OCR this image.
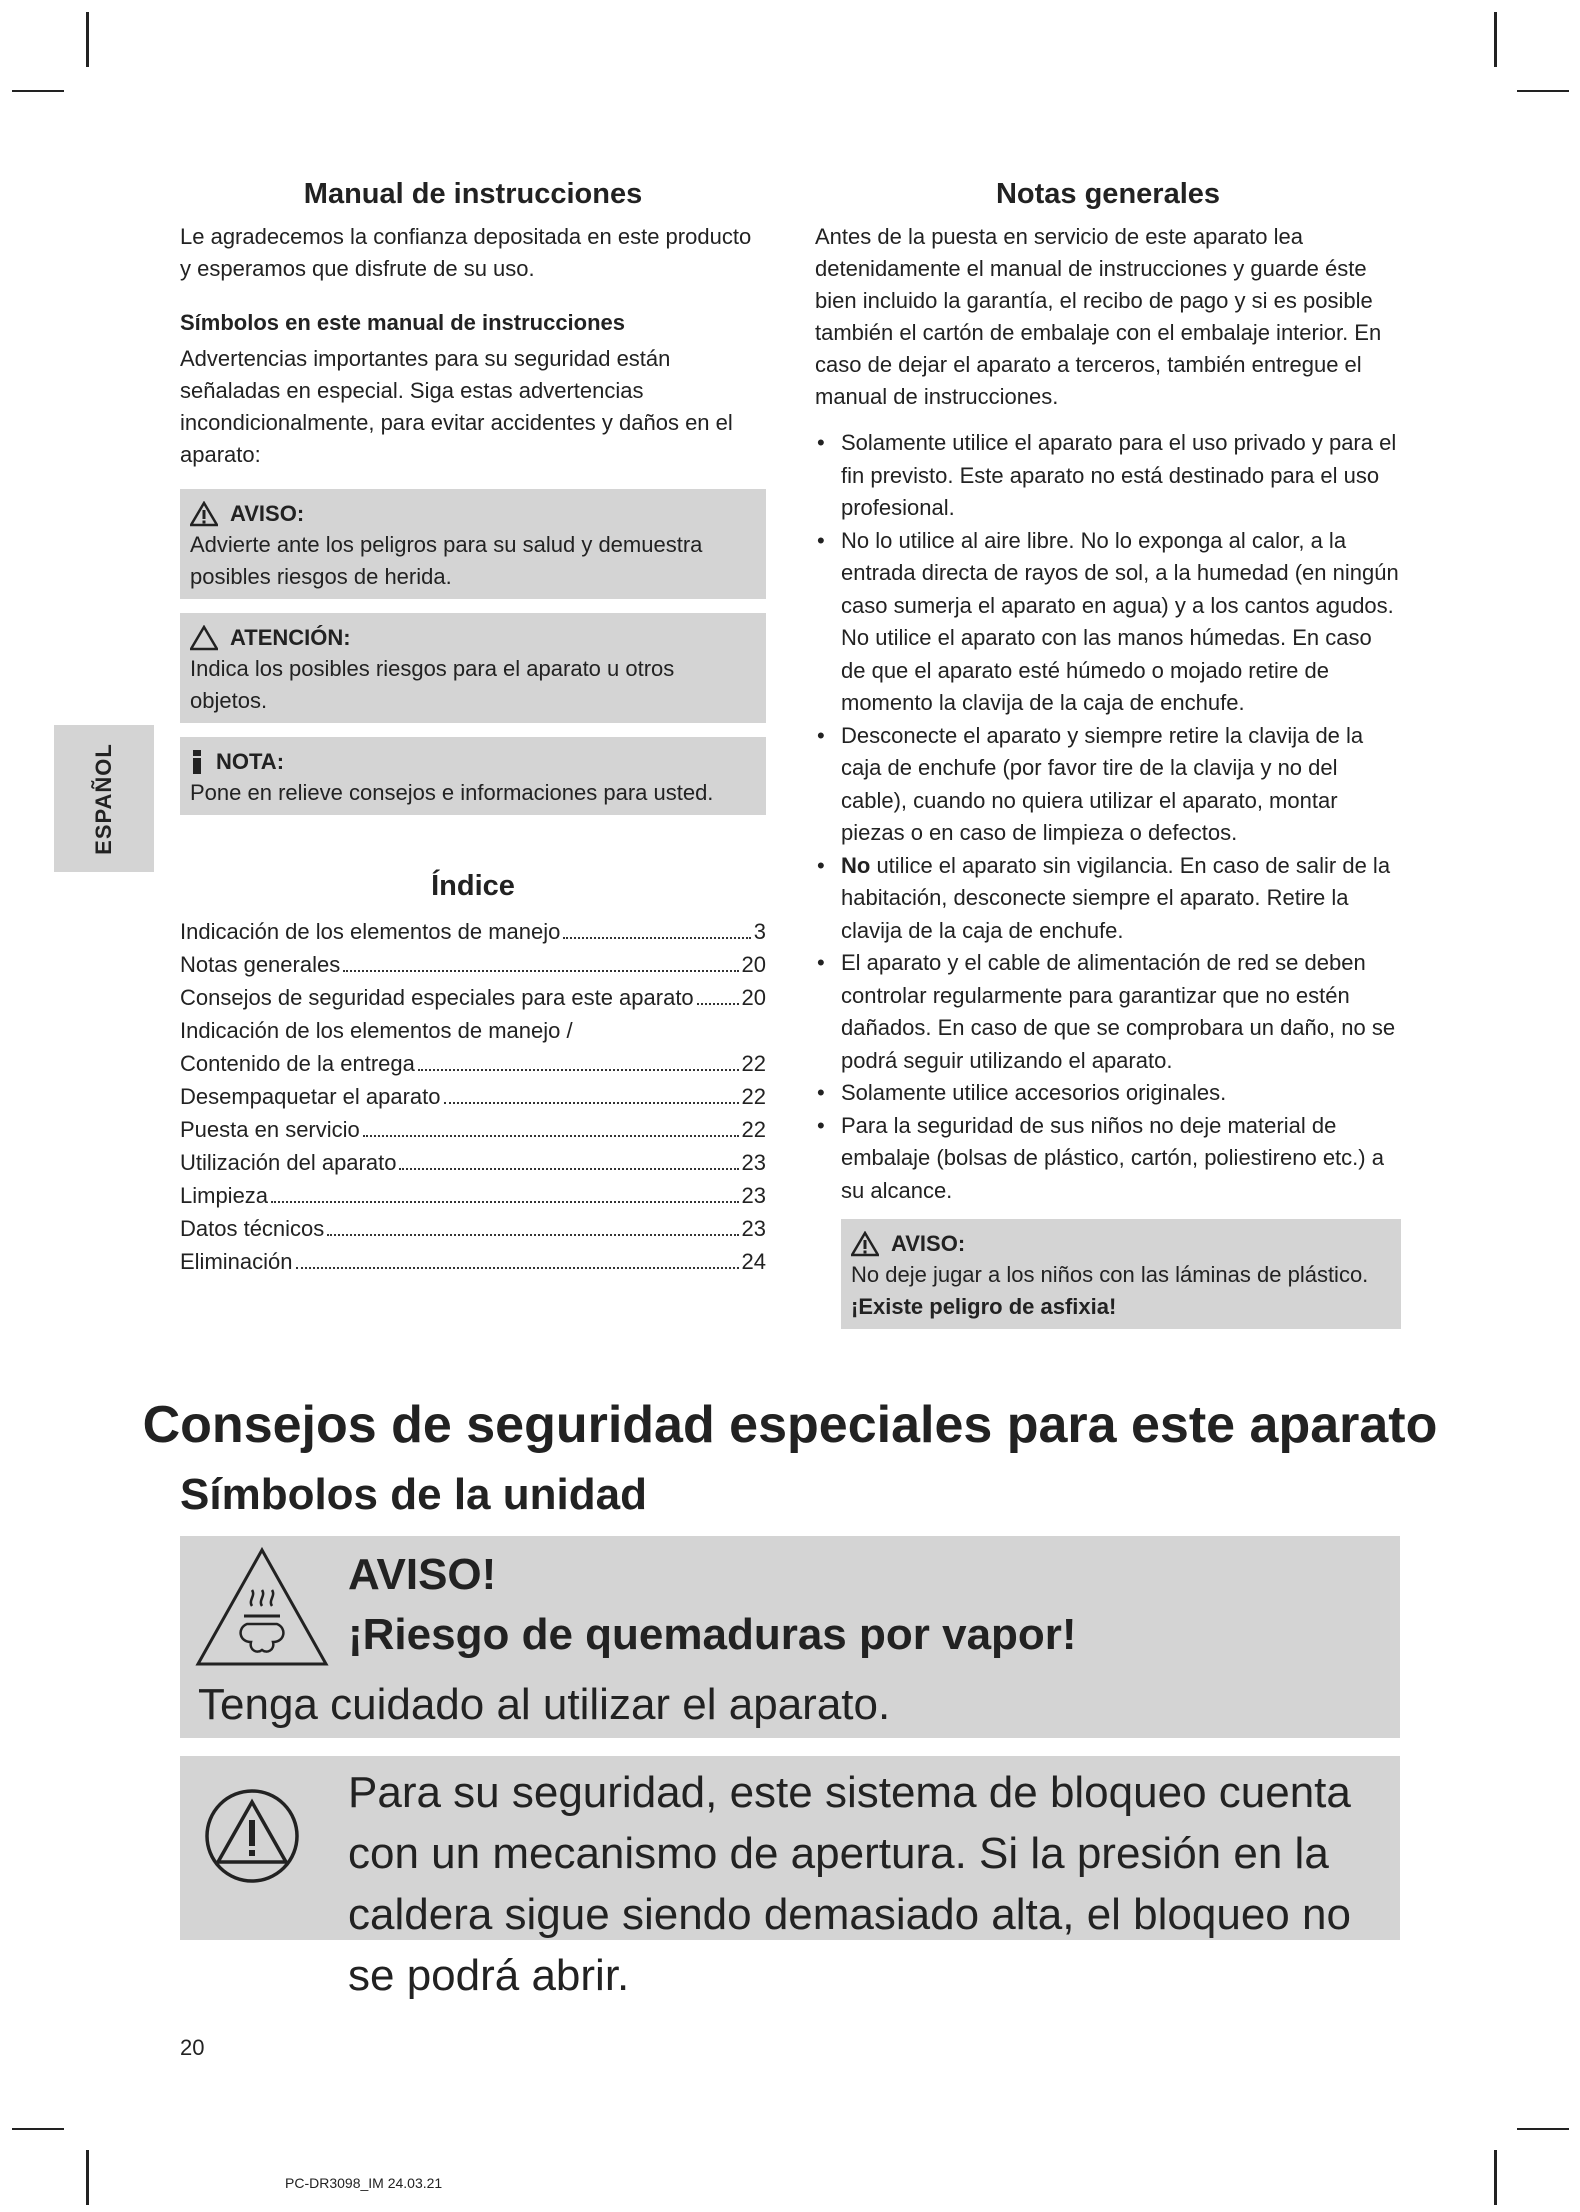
ESPAÑOL
Manual de instrucciones

Le agradecemos la confianza depositada en este producto y esperamos que disfrute de su uso.

Símbolos en este manual de instrucciones

Advertencias importantes para su seguridad están señaladas en especial. Siga estas advertencias incondicionalmente, para evitar accidentes y daños en el aparato:

AVISO:
Advierte ante los peligros para su salud y demuestra posibles riesgos de herida.
ATENCIÓN:
Indica los posibles riesgos para el aparato u otros objetos.
NOTA:
Pone en relieve consejos e informaciones para usted.
Índice
Indicación de los elementos de manejo	3
Notas generales	20
Consejos de seguridad especiales para este aparato 20
Indicación de los elementos de manejo /
Contenido de la entrega	22
Desempaquetar el aparato	22
Puesta en servicio	22
Utilización del aparato	23
Limpieza	23
Datos técnicos	23
Eliminación	24
Notas generales

Antes de la puesta en servicio de este aparato lea detenidamente el manual de instrucciones y guarde éste bien incluido la garantía, el recibo de pago y si es posible también el cartón de embalaje con el embalaje interior. En caso de dejar el aparato a terceros, también entregue el manual de instrucciones.

• Solamente utilice el aparato para el uso privado y para el fin previsto. Este aparato no está destinado para el uso profesional.
• No lo utilice al aire libre. No lo exponga al calor, a la entrada directa de rayos de sol, a la humedad (en ningún caso sumerja el aparato en agua) y a los cantos agudos. No utilice el aparato con las manos húmedas. En caso de que el aparato esté húmedo o mojado retire de momento la clavija de la caja de enchufe.
• Desconecte el aparato y siempre retire la clavija de la caja de enchufe (por favor tire de la clavija y no del cable), cuando no quiera utilizar el aparato, montar piezas o en caso de limpieza o defectos.
• No utilice el aparato sin vigilancia. En caso de salir de la habitación, desconecte siempre el aparato. Retire la clavija de la caja de enchufe.
• El aparato y el cable de alimentación de red se deben controlar regularmente para garantizar que no estén dañados. En caso de que se comprobara un daño, no se podrá seguir utilizando el aparato.
• Solamente utilice accesorios originales.
• Para la seguridad de sus niños no deje material de embalaje (bolsas de plástico, cartón, poliestireno etc.) a su alcance.
AVISO:
No deje jugar a los niños con las láminas de plástico.
¡Existe peligro de asfixia!
Consejos de seguridad especiales para este aparato
Símbolos de la unidad
AVISO!
¡Riesgo de quemaduras por vapor!
Tenga cuidado al utilizar el aparato.
Para su seguridad, este sistema de bloqueo cuenta con un mecanismo de apertura. Si la presión en la caldera sigue siendo demasiado alta, el bloqueo no se podrá abrir.
20
PC-DR3098_IM 24.03.21
